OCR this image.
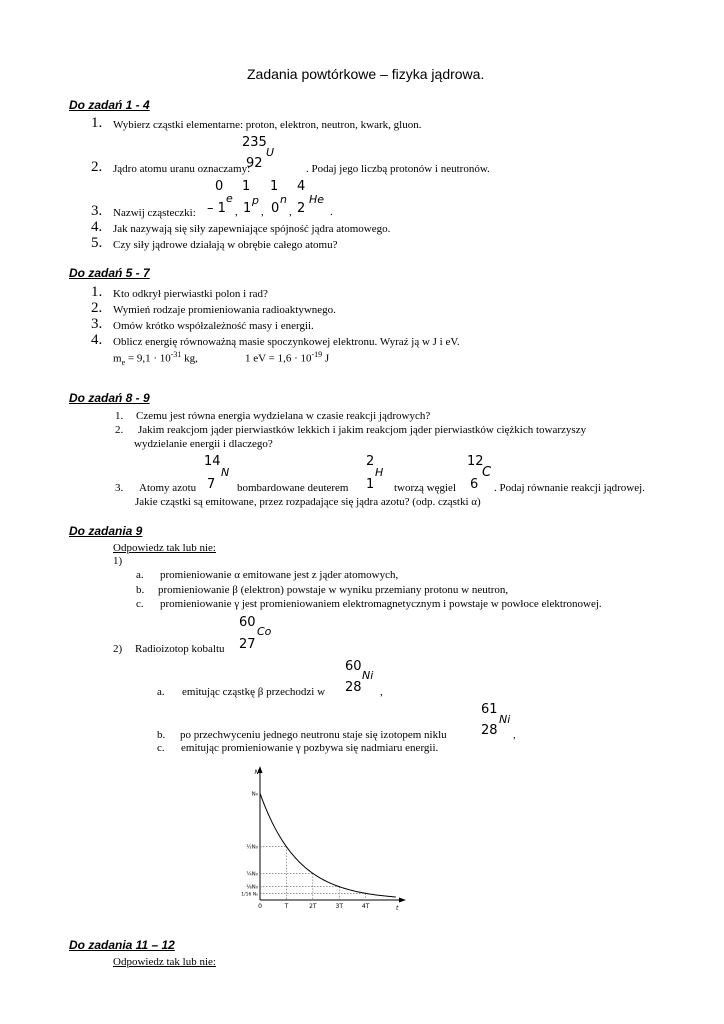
Zadania powtórkowe – fizyka jądrowa.
Do zadań 1 - 4
1. Wybierz cząstki elementarne: proton, elektron, neutron, kwark, gluon.
235
U
92
2. Jądro atomu uranu oznaczamy:	. Podaj jego liczbą protonów i neutronów.
0
e
– 1 ,
1
p
1 ,
1
n
0 ,
4
He
2 .
3. Nazwij cząsteczki:
4. Jak nazywają się siły zapewniające spójność jądra atomowego.
5. Czy siły jądrowe działają w obrębie całego atomu?
Do zadań 5 - 7
1. Kto odkrył pierwiastki polon i rad?
2. Wymień rodzaje promieniowania radioaktywnego.
3. Omów krótko współzależność masy i energii.
4. Oblicz energię równoważną masie spoczynkowej elektronu. Wyraź ją w J i eV.
$m_e = 9,1 \cdot 10^{-31}$ kg,	1 eV = $1,6 \cdot 10^{-19}$ J
Do zadań 8 - 9
1. Czemu jest równa energia wydzielana w czasie reakcji jądrowych?
2. Jakim reakcjom jąder pierwiastków lekkich i jakim reakcjom jąder pierwiastków ciężkich towarzyszy
wydzielanie energii i dlaczego?
14
N
7
2
H
1
12
C
6
3. Atomy azotu	bombardowane deuterem	tworzą węgiel	. Podaj równanie reakcji jądrowej.
Jakie cząstki są emitowane, przez rozpadające się jądra azotu? (odp. cząstki α)
Do zadania 9
Odpowiedz tak lub nie:
1)
a. promieniowanie α emitowane jest z jąder atomowych,
b. promieniowanie β (elektron) powstaje w wyniku przemiany protonu w neutron,
c. promieniowanie γ jest promieniowaniem elektromagnetycznym i powstaje w powłoce elektronowej.
60
Co
27
2) Radioizotop kobaltu
60
Ni
28
a. emitując cząstkę β przechodzi w	,
61
Ni
28
b. po przechwyceniu jednego neutronu staje się izotopem niklu	,
c. emitując promieniowanie γ pozbywa się nadmiaru energii.
N
t
0	T	2T	3T	4T
N₀
½N₀
¼N₀
⅛N₀
1/16 N₀
Do zadania 11 – 12
Odpowiedz tak lub nie:
